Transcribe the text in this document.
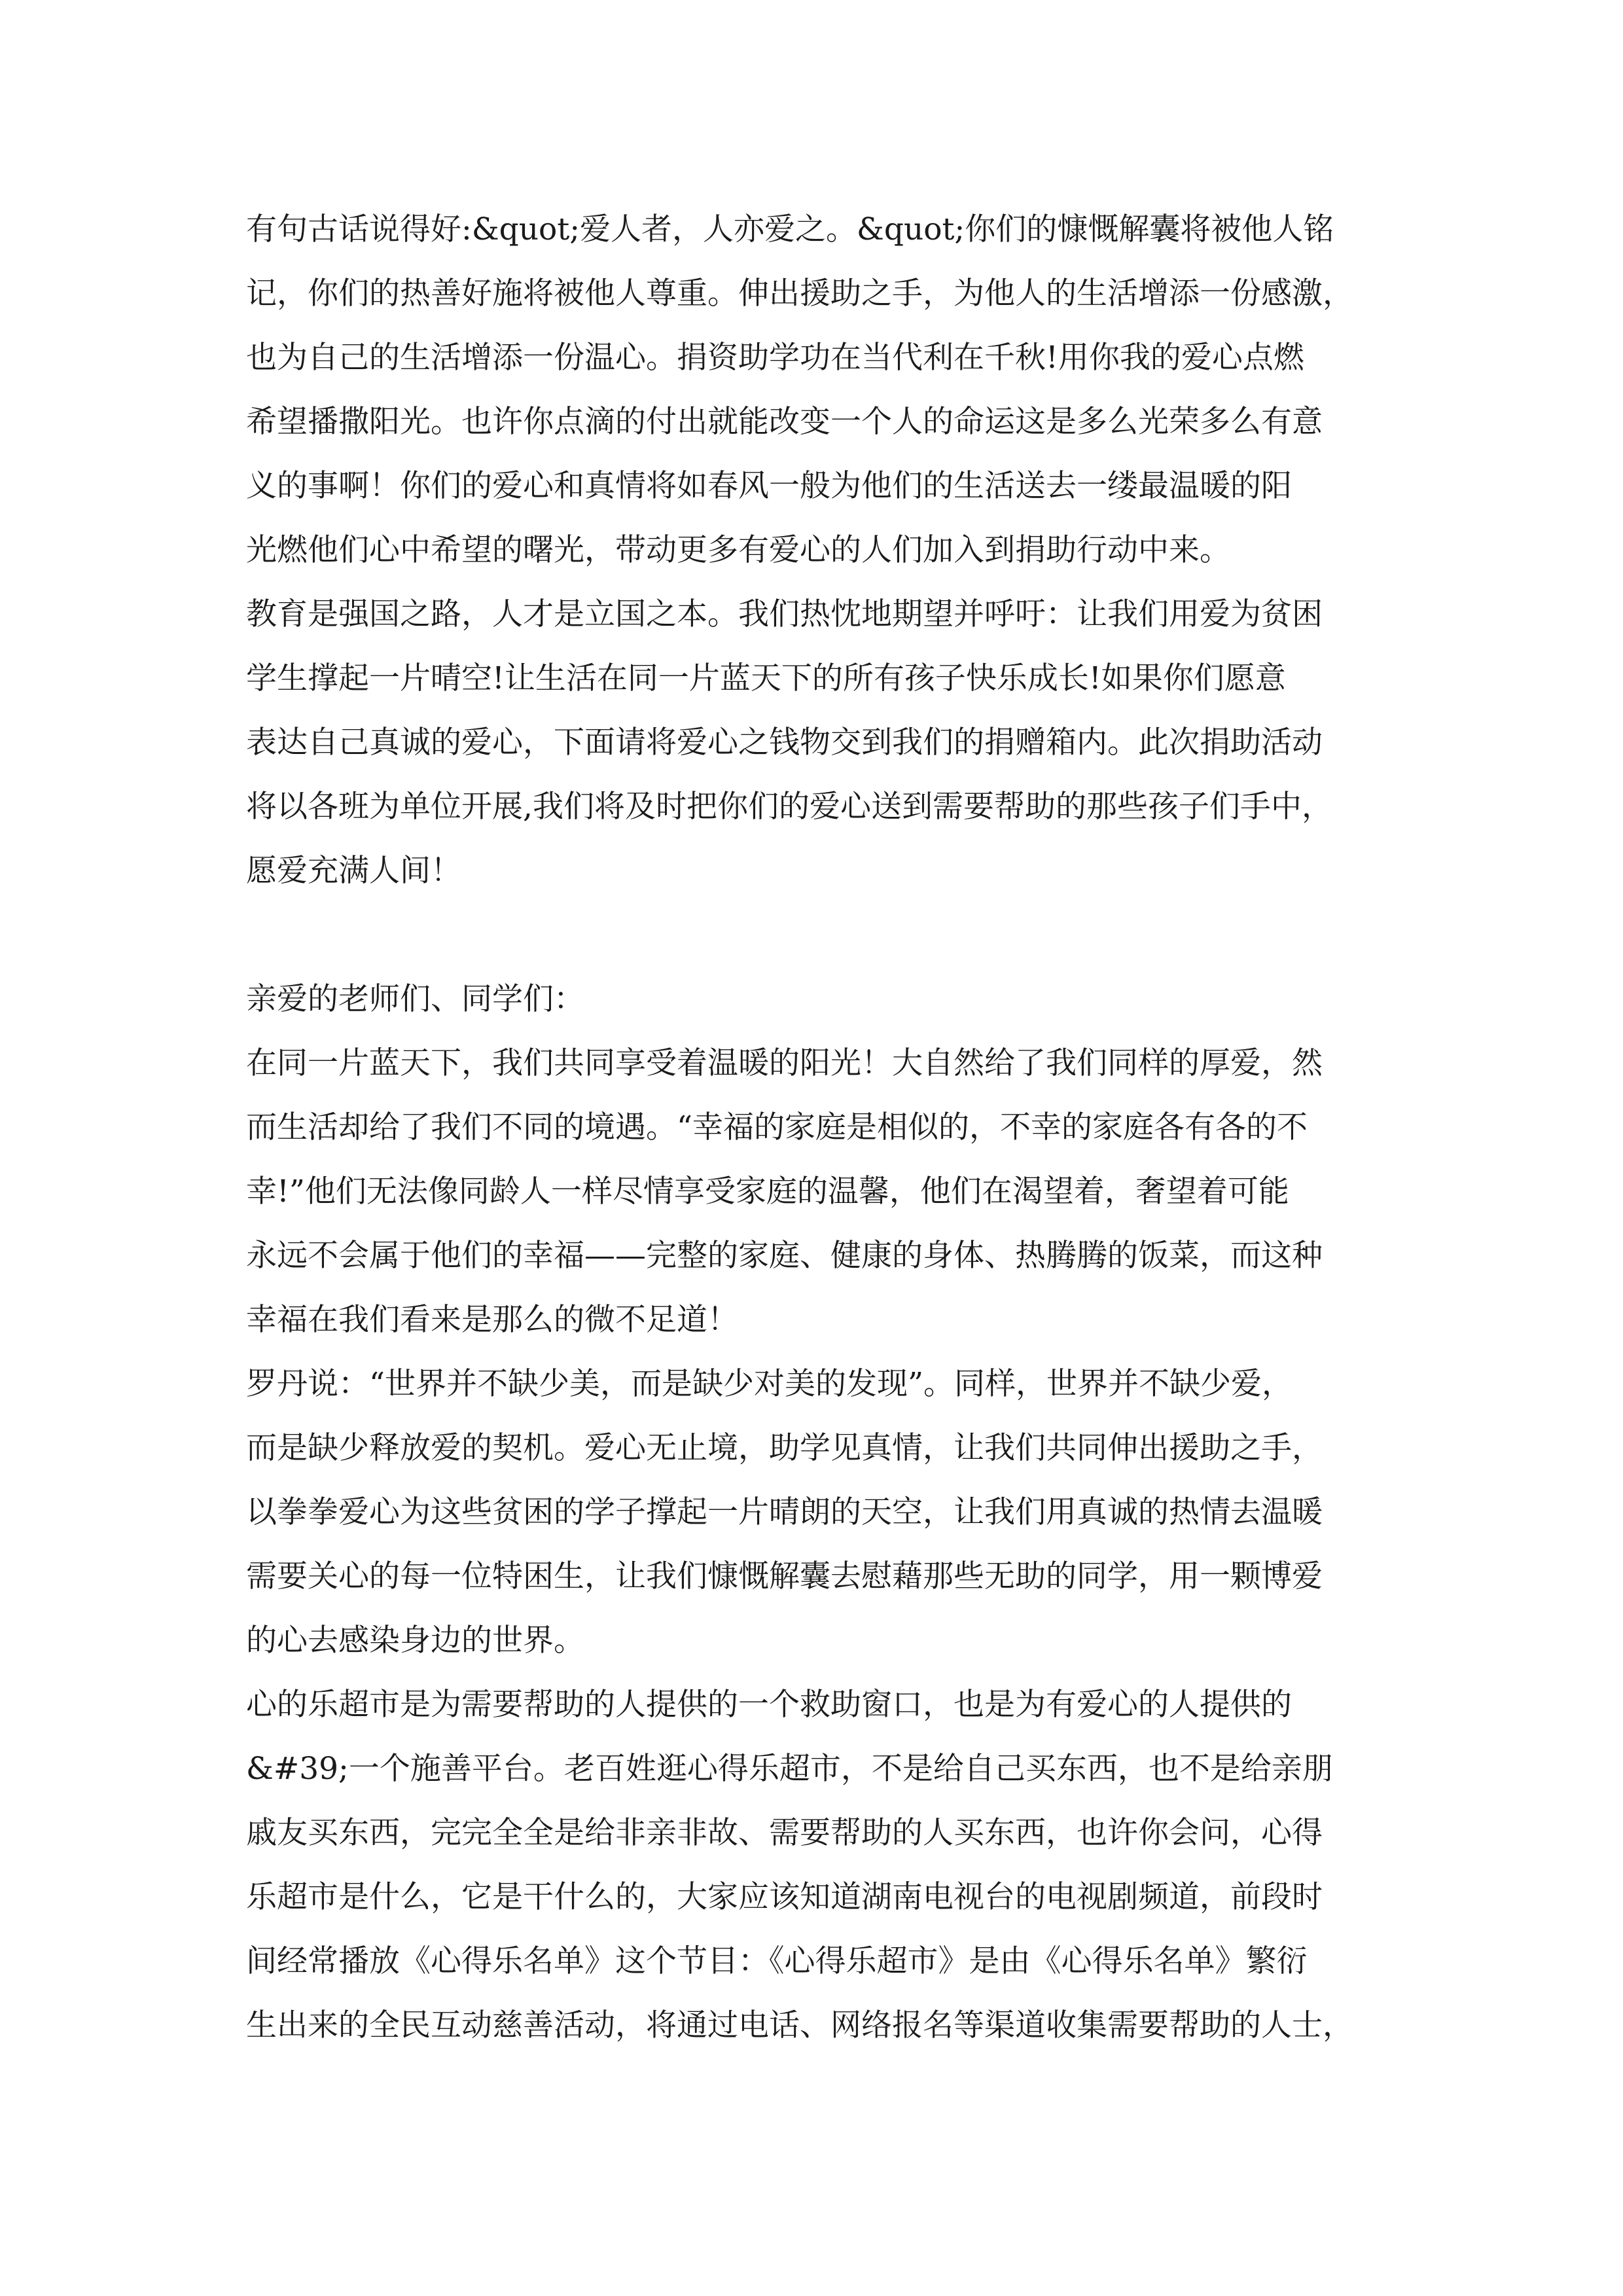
有句古话说得好:&quot;爱人者，人亦爱之。&quot;你们的慷慨解囊将被他人铭
记，你们的热善好施将被他人尊重。伸出援助之手，为他人的生活增添一份感激，
也为自己的生活增添一份温心。捐资助学功在当代利在千秋!用你我的爱心点燃
希望播撒阳光。也许你点滴的付出就能改变一个人的命运这是多么光荣多么有意
义的事啊！你们的爱心和真情将如春风一般为他们的生活送去一缕最温暖的阳
光燃他们心中希望的曙光，带动更多有爱心的人们加入到捐助行动中来。
教育是强国之路，人才是立国之本。我们热忱地期望并呼吁：让我们用爱为贫困
学生撑起一片晴空!让生活在同一片蓝天下的所有孩子快乐成长!如果你们愿意
表达自己真诚的爱心，下面请将爱心之钱物交到我们的捐赠箱内。此次捐助活动
将以各班为单位开展,我们将及时把你们的爱心送到需要帮助的那些孩子们手中，
愿爱充满人间！
亲爱的老师们、同学们：
在同一片蓝天下，我们共同享受着温暖的阳光！大自然给了我们同样的厚爱，然
而生活却给了我们不同的境遇。“幸福的家庭是相似的，不幸的家庭各有各的不
幸!”他们无法像同龄人一样尽情享受家庭的温馨，他们在渴望着，奢望着可能
永远不会属于他们的幸福——完整的家庭、健康的身体、热腾腾的饭菜，而这种
幸福在我们看来是那么的微不足道！
罗丹说：“世界并不缺少美，而是缺少对美的发现”。同样，世界并不缺少爱，
而是缺少释放爱的契机。爱心无止境，助学见真情，让我们共同伸出援助之手，
以拳拳爱心为这些贫困的学子撑起一片晴朗的天空，让我们用真诚的热情去温暖
需要关心的每一位特困生，让我们慷慨解囊去慰藉那些无助的同学，用一颗博爱
的心去感染身边的世界。
心的乐超市是为需要帮助的人提供的一个救助窗口，也是为有爱心的人提供的
&#39;一个施善平台。老百姓逛心得乐超市，不是给自己买东西，也不是给亲朋
戚友买东西，完完全全是给非亲非故、需要帮助的人买东西，也许你会问，心得
乐超市是什么，它是干什么的，大家应该知道湖南电视台的电视剧频道，前段时
间经常播放《心得乐名单》这个节目：《心得乐超市》是由《心得乐名单》繁衍
生出来的全民互动慈善活动，将通过电话、网络报名等渠道收集需要帮助的人士，
